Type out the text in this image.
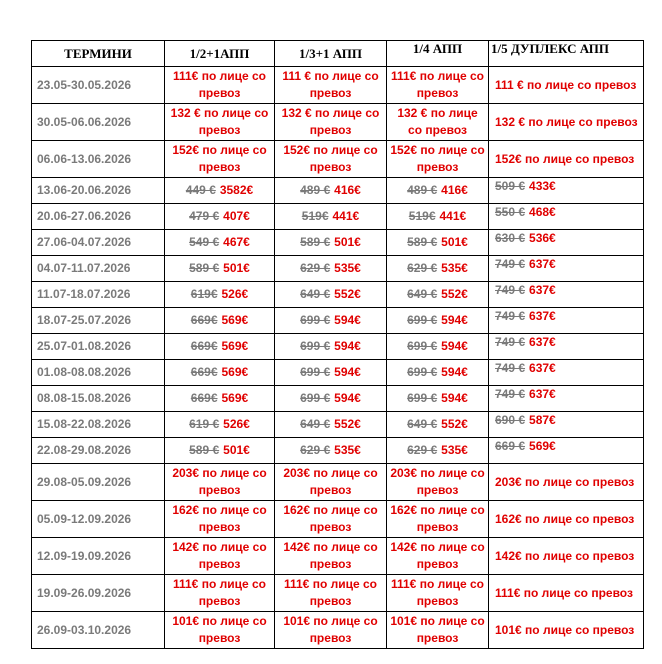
ТЕРМИНИ	1/2+1АПП	1/3+1 АПП	1/4 АПП	1/5 ДУПЛЕКС АПП
23.05-30.05.2026	111€ по лице со превоз	111 € по лице со превоз	111€ по лице со превоз	111 € по лице со превоз
30.05-06.06.2026	132 € по лице со превоз	132 € по лице со превоз	132 € по лице со превоз	132 € по лице со превоз
06.06-13.06.2026	152€ по лице со превоз	152€ по лице со превоз	152€ по лице со превоз	152€ по лице со превоз
13.06-20.06.2026	449 € 3582€	489 € 416€	489 € 416€	509 € 433€
20.06-27.06.2026	479 € 407€	519€ 441€	519€ 441€	550 € 468€
27.06-04.07.2026	549 € 467€	589 € 501€	589 € 501€	630 € 536€
04.07-11.07.2026	589 € 501€	629 € 535€	629 € 535€	749 € 637€
11.07-18.07.2026	619€ 526€	649 € 552€	649 € 552€	749 € 637€
18.07-25.07.2026	669€ 569€	699 € 594€	699 € 594€	749 € 637€
25.07-01.08.2026	669€ 569€	699 € 594€	699 € 594€	749 € 637€
01.08-08.08.2026	669€ 569€	699 € 594€	699 € 594€	749 € 637€
08.08-15.08.2026	669€ 569€	699 € 594€	699 € 594€	749 € 637€
15.08-22.08.2026	619 € 526€	649 € 552€	649 € 552€	690 € 587€
22.08-29.08.2026	589 € 501€	629 € 535€	629 € 535€	669 € 569€
29.08-05.09.2026	203€ по лице со превоз	203€ по лице со превоз	203€ по лице со превоз	203€ по лице со превоз
05.09-12.09.2026	162€ по лице со превоз	162€ по лице со превоз	162€ по лице со превоз	162€ по лице со превоз
12.09-19.09.2026	142€ по лице со превоз	142€ по лице со превоз	142€ по лице со превоз	142€ по лице со превоз
19.09-26.09.2026	111€ по лице со превоз	111€ по лице со превоз	111€ по лице со превоз	111€ по лице со превоз
26.09-03.10.2026	101€ по лице со превоз	101€ по лице со превоз	101€ по лице со превоз	101€ по лице со превоз
